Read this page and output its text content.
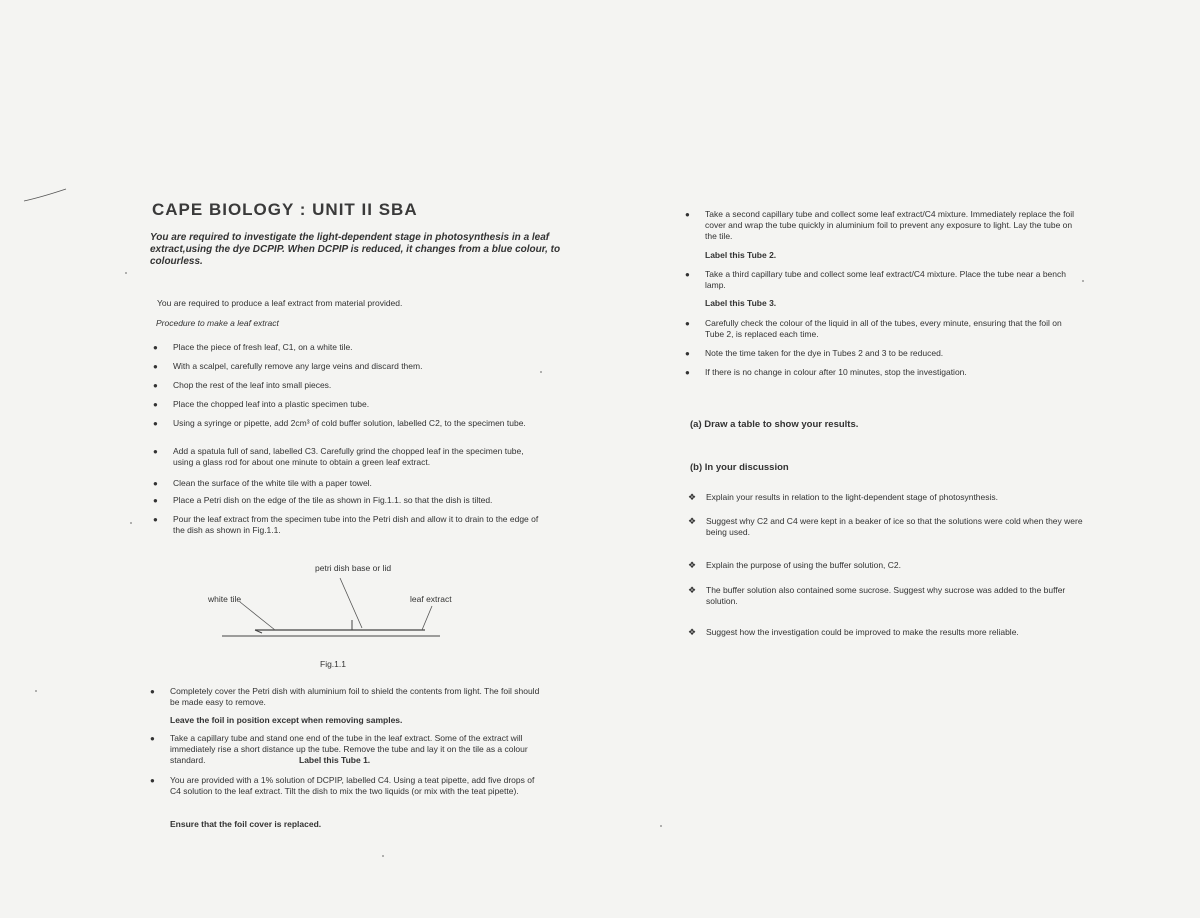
CAPE BIOLOGY : UNIT II SBA
You are required to investigate the light-dependent stage in photosynthesis in a leaf extract,using the dye DCPIP. When DCPIP is reduced, it changes from a blue colour, to colourless.
You are required to produce a leaf extract from material provided.
Procedure to make a leaf extract
● Place the piece of fresh leaf, C1, on a white tile.
● With a scalpel, carefully remove any large veins and discard them.
● Chop the rest of the leaf into small pieces.
● Place the chopped leaf into a plastic specimen tube.
● Using a syringe or pipette, add 2cm³ of cold buffer solution, labelled C2, to the specimen tube.
● Add a spatula full of sand, labelled C3. Carefully grind the chopped leaf in the specimen tube, using a glass rod for about one minute to obtain a green leaf extract.
● Clean the surface of the white tile with a paper towel.
● Place a Petri dish on the edge of the tile as shown in Fig.1.1. so that the dish is tilted.
● Pour the leaf extract from the specimen tube into the Petri dish and allow it to drain to the edge of the dish as shown in Fig.1.1.
petri dish base or lid
white tile	leaf extract
Fig.1.1
● Completely cover the Petri dish with aluminium foil to shield the contents from light. The foil should be made easy to remove.
Leave the foil in position except when removing samples.
● Take a capillary tube and stand one end of the tube in the leaf extract. Some of the extract will immediately rise a short distance up the tube. Remove the tube and lay it on the tile as a colour standard.	Label this Tube 1.
● You are provided with a 1% solution of DCPIP, labelled C4. Using a teat pipette, add five drops of C4 solution to the leaf extract. Tilt the dish to mix the two liquids (or mix with the teat pipette).
Ensure that the foil cover is replaced.
● Take a second capillary tube and collect some leaf extract/C4 mixture. Immediately replace the foil cover and wrap the tube quickly in aluminium foil to prevent any exposure to light. Lay the tube on the tile.
Label this Tube 2.
● Take a third capillary tube and collect some leaf extract/C4 mixture. Place the tube near a bench lamp.
Label this Tube 3.
● Carefully check the colour of the liquid in all of the tubes, every minute, ensuring that the foil on Tube 2, is replaced each time.
● Note the time taken for the dye in Tubes 2 and 3 to be reduced.
● If there is no change in colour after 10 minutes, stop the investigation.
(a) Draw a table to show your results.
(b) In your discussion
❖ Explain your results in relation to the light-dependent stage of photosynthesis.
❖ Suggest why C2 and C4 were kept in a beaker of ice so that the solutions were cold when they were being used.
❖ Explain the purpose of using the buffer solution, C2.
❖ The buffer solution also contained some sucrose. Suggest why sucrose was added to the buffer solution.
❖ Suggest how the investigation could be improved to make the results more reliable.
